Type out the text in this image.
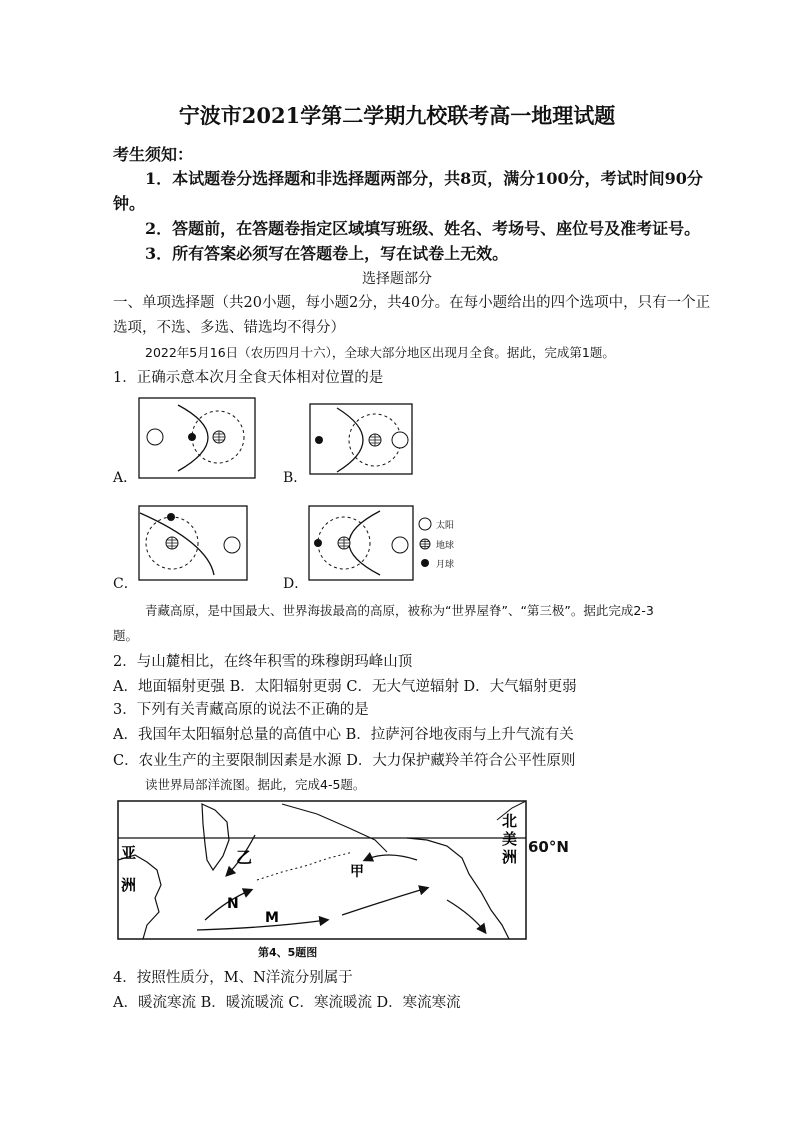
宁波市2021学第二学期九校联考高一地理试题
考生须知：
1．本试题卷分选择题和非选择题两部分，共8页，满分100分，考试时间90分
钟。
2．答题前，在答题卷指定区域填写班级、姓名、考场号、座位号及准考证号。
3．所有答案必须写在答题卷上，写在试卷上无效。
选择题部分
一、单项选择题（共20小题，每小题2分，共40分。在每小题给出的四个选项中，只有一个正
选项，不选、多选、错选均不得分）
2022年5月16日（农历四月十六），全球大部分地区出现月全食。据此，完成第1题。
1．正确示意本次月全食天体相对位置的是
A．	B．
C．	D．
太阳
地球
月球
青藏高原，是中国最大、世界海拔最高的高原，被称为“世界屋脊”、“第三极”。据此完成2-3
题。
2．与山麓相比，在终年积雪的珠穆朗玛峰山顶
A．地面辐射更强 B．太阳辐射更弱 C．无大气逆辐射 D．大气辐射更弱
3．下列有关青藏高原的说法不正确的是
A．我国年太阳辐射总量的高值中心 B．拉萨河谷地夜雨与上升气流有关
C．农业生产的主要限制因素是水源 D．大力保护藏羚羊符合公平性原则
读世界局部洋流图。据此，完成4-5题。
亚
洲
北
美
洲
乙
甲
N
M
60°N
第4、5题图
4．按照性质分，M、N洋流分别属于
A．暖流寒流 B．暖流暖流 C．寒流暖流 D．寒流寒流
